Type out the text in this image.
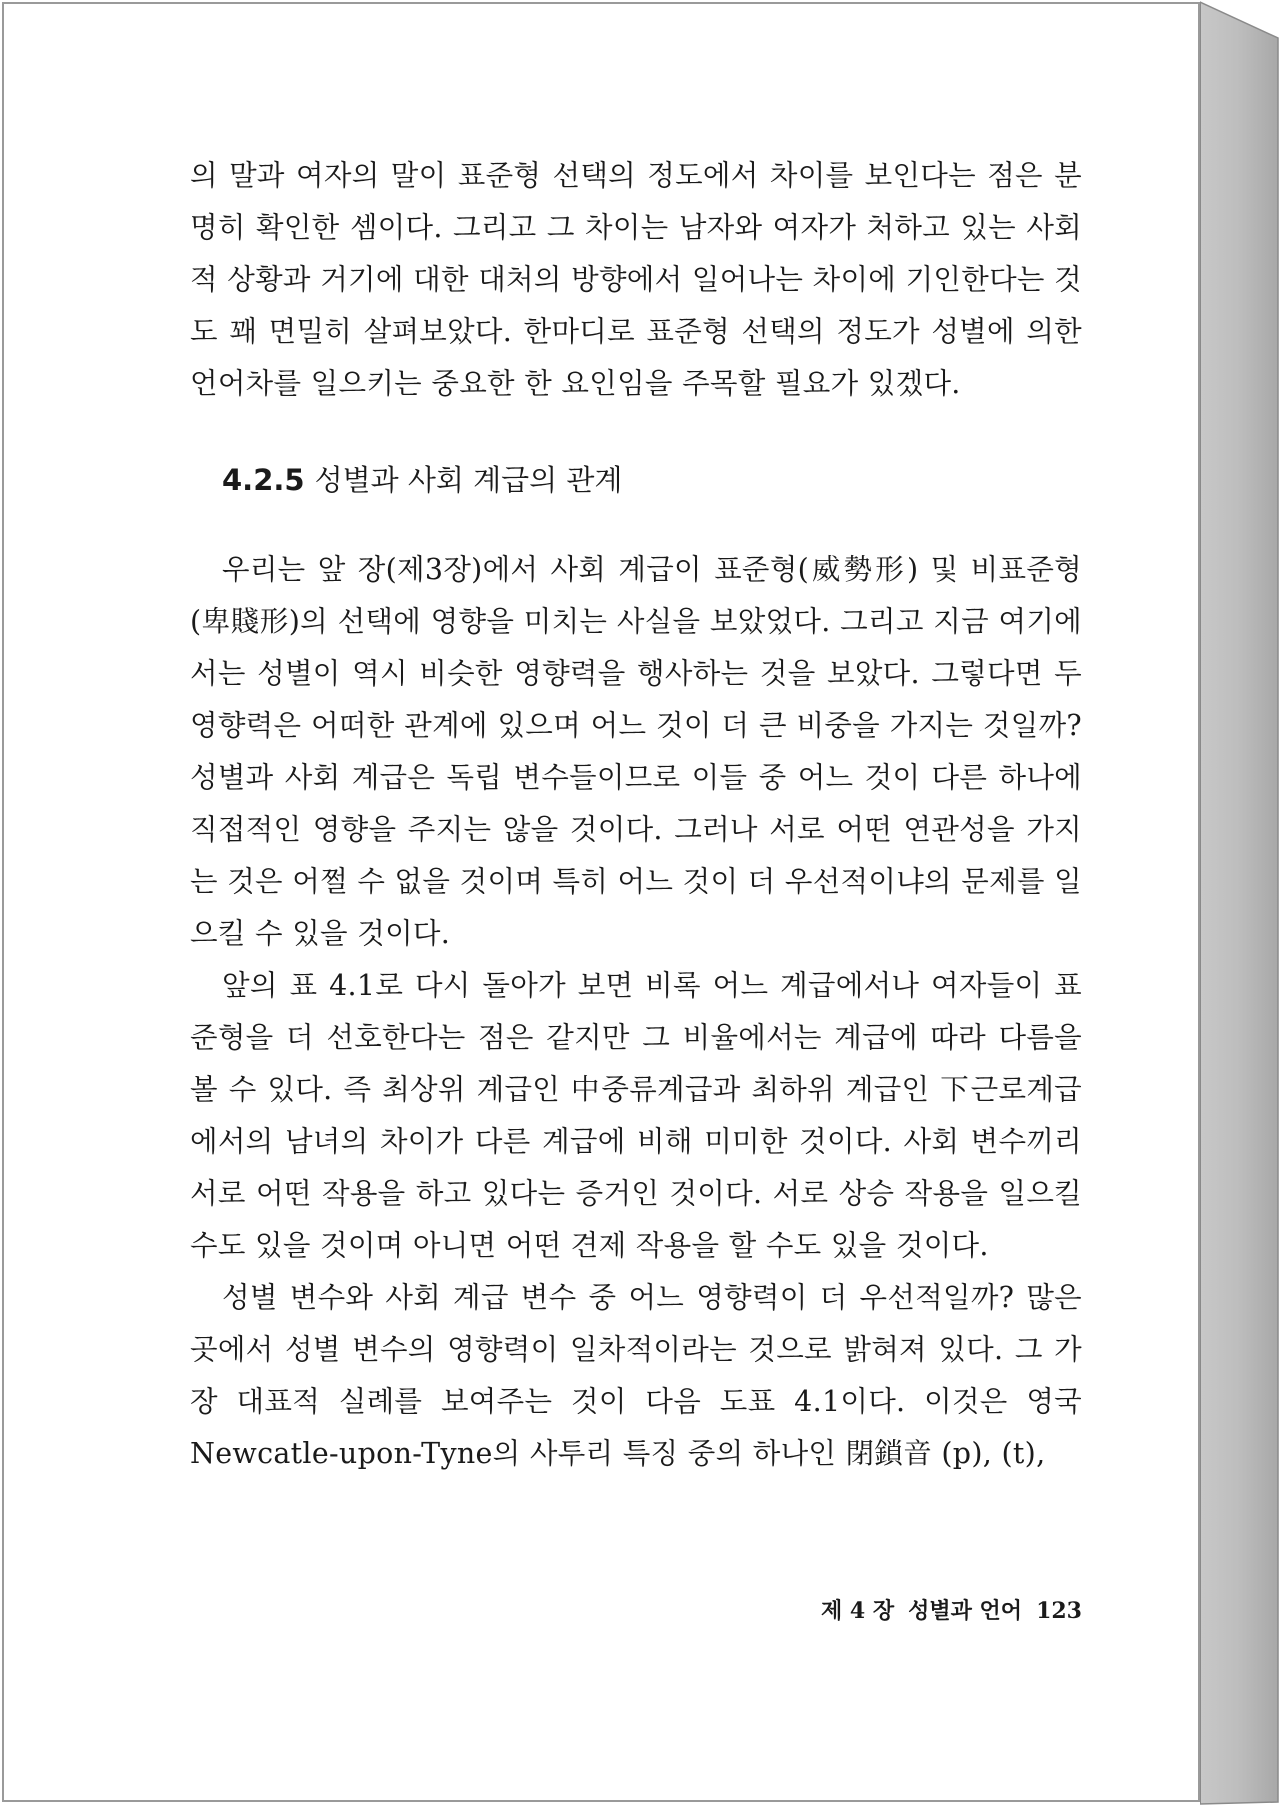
의 말과 여자의 말이 표준형 선택의 정도에서 차이를 보인다는 점은 분명히 확인한 셈이다. 그리고 그 차이는 남자와 여자가 처하고 있는 사회적 상황과 거기에 대한 대처의 방향에서 일어나는 차이에 기인한다는 것도 꽤 면밀히 살펴보았다. 한마디로 표준형 선택의 정도가 성별에 의한 언어차를 일으키는 중요한 한 요인임을 주목할 필요가 있겠다.

4.2.5 성별과 사회 계급의 관계

우리는 앞 장(제3장)에서 사회 계급이 표준형(威勢形) 및 비표준형(卑賤形)의 선택에 영향을 미치는 사실을 보았었다. 그리고 지금 여기에서는 성별이 역시 비슷한 영향력을 행사하는 것을 보았다. 그렇다면 두 영향력은 어떠한 관계에 있으며 어느 것이 더 큰 비중을 가지는 것일까? 성별과 사회 계급은 독립 변수들이므로 이들 중 어느 것이 다른 하나에 직접적인 영향을 주지는 않을 것이다. 그러나 서로 어떤 연관성을 가지는 것은 어쩔 수 없을 것이며 특히 어느 것이 더 우선적이냐의 문제를 일으킬 수 있을 것이다.

앞의 표 4.1로 다시 돌아가 보면 비록 어느 계급에서나 여자들이 표준형을 더 선호한다는 점은 같지만 그 비율에서는 계급에 따라 다름을 볼 수 있다. 즉 최상위 계급인 中중류계급과 최하위 계급인 下근로계급에서의 남녀의 차이가 다른 계급에 비해 미미한 것이다. 사회 변수끼리 서로 어떤 작용을 하고 있다는 증거인 것이다. 서로 상승 작용을 일으킬 수도 있을 것이며 아니면 어떤 견제 작용을 할 수도 있을 것이다.

성별 변수와 사회 계급 변수 중 어느 영향력이 더 우선적일까? 많은 곳에서 성별 변수의 영향력이 일차적이라는 것으로 밝혀져 있다. 그 가장 대표적 실례를 보여주는 것이 다음 도표 4.1이다. 이것은 영국 Newcatle-upon-Tyne의 사투리 특징 중의 하나인 閉鎖音 (p), (t),

제 4 장 성별과 언어 123
